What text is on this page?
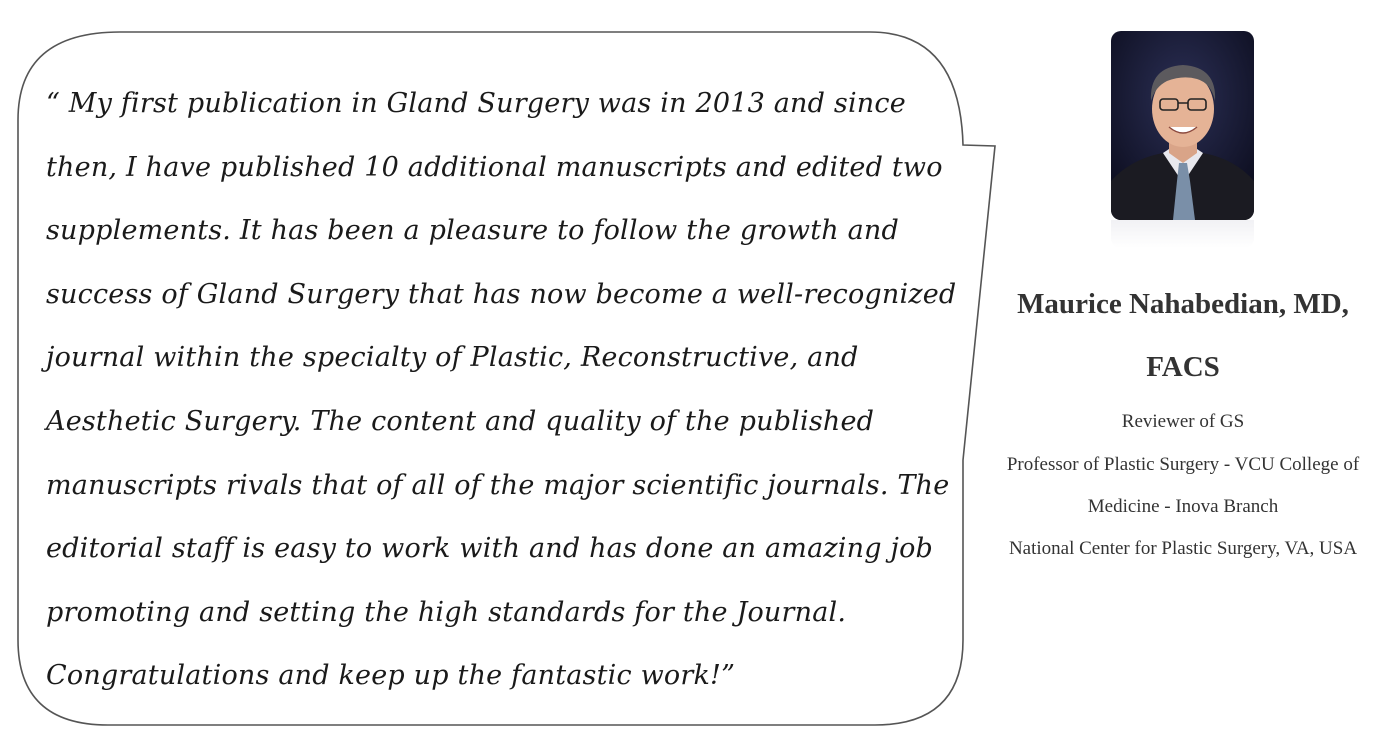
“ My first publication in Gland Surgery was in 2013 and since
then, I have published 10 additional manuscripts and edited two
supplements. It has been a pleasure to follow the growth and
success of Gland Surgery that has now become a well-recognized
journal within the specialty of Plastic, Reconstructive, and
Aesthetic Surgery. The content and quality of the published
manuscripts rivals that of all of the major scientific journals. The
editorial staff is easy to work with and has done an amazing job
promoting and setting the high standards for the Journal.
Congratulations and keep up the fantastic work!”

Maurice Nahabedian, MD,

FACS

Reviewer of GS

Professor of Plastic Surgery - VCU College of

Medicine - Inova Branch

National Center for Plastic Surgery, VA, USA
